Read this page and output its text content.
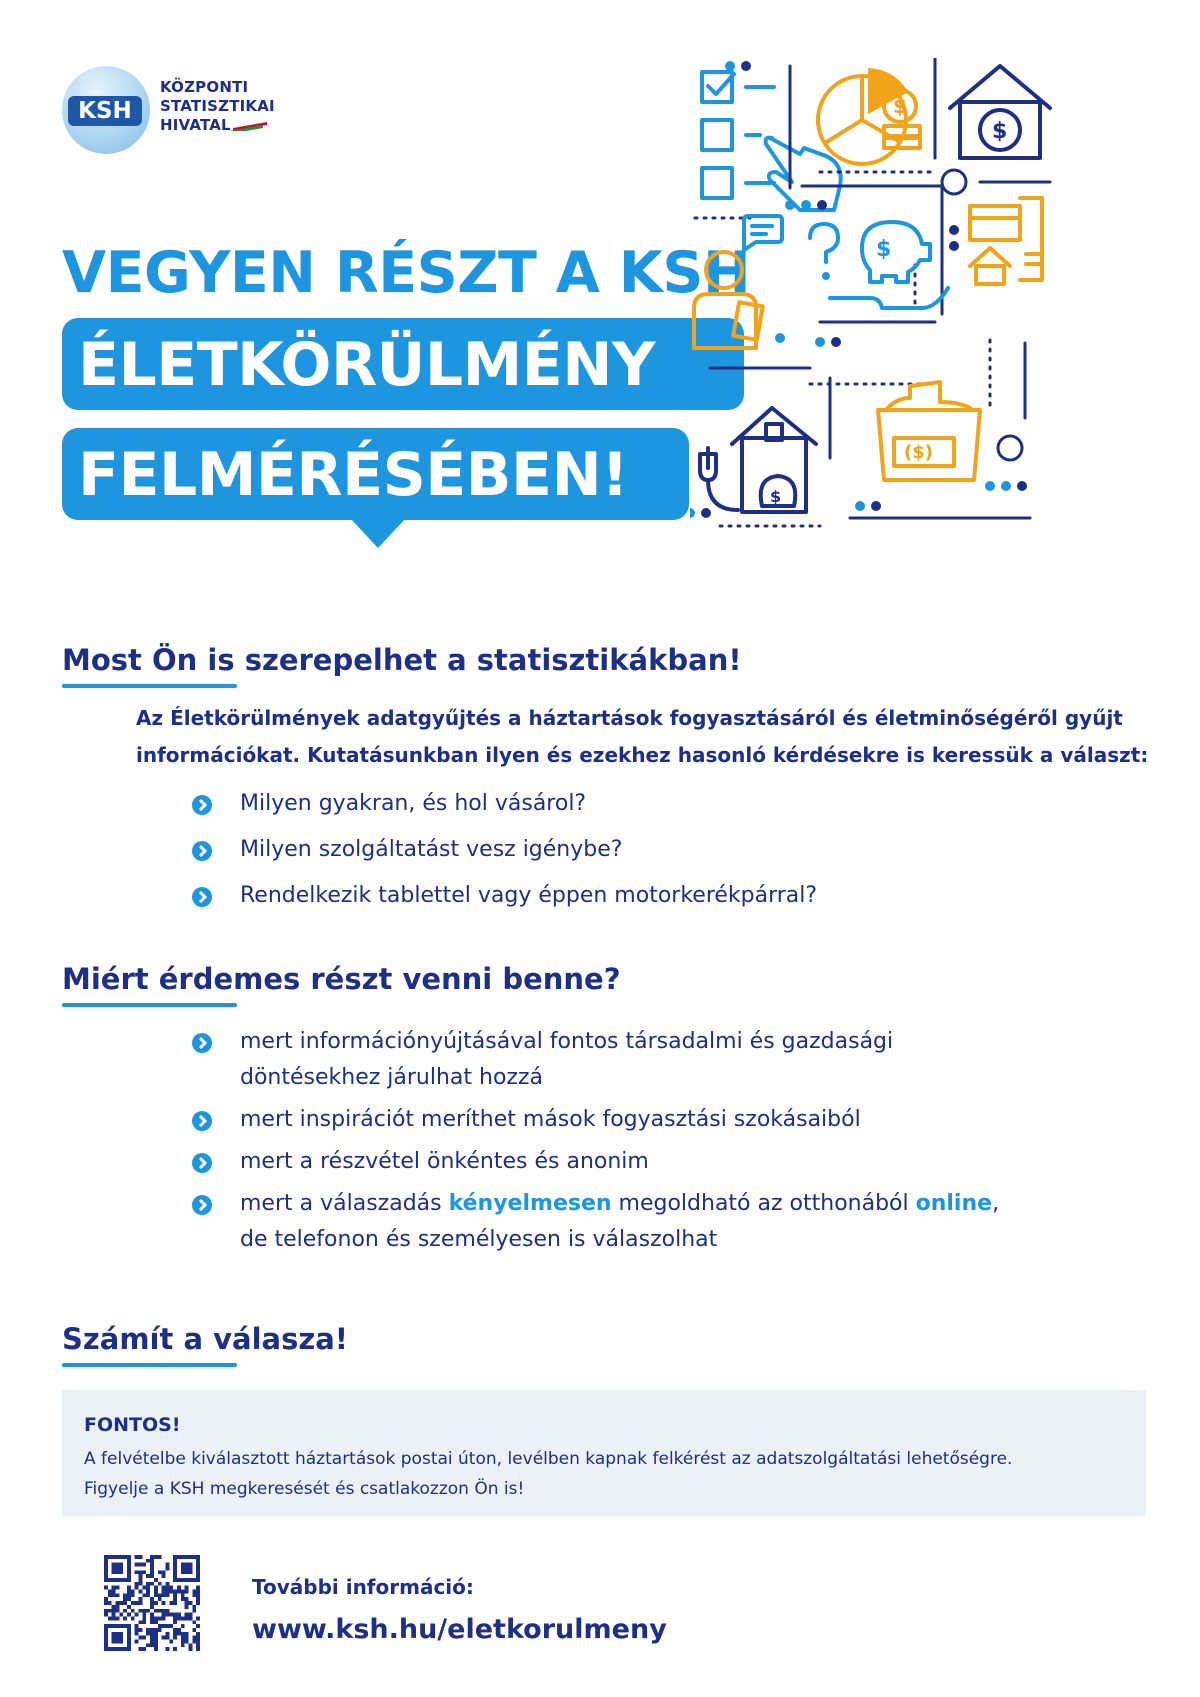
KSH
KÖZPONTI
STATISZTIKAI
HIVATAL
VEGYEN RÉSZT A KSH
ÉLETKÖRÜLMÉNY
FELMÉRÉSÉBEN!
$
$
$
($)
$
Most Ön is szerepelhet a statisztikákban!
Az Életkörülmények adatgyűjtés a háztartások fogyasztásáról és életminőségéről gyűjt információkat. Kutatásunkban ilyen és ezekhez hasonló kérdésekre is keressük a választ:
Milyen gyakran, és hol vásárol?
Milyen szolgáltatást vesz igénybe?
Rendelkezik tablettel vagy éppen motorkerékpárral?
Miért érdemes részt venni benne?
mert információnyújtásával fontos társadalmi és gazdasági döntésekhez járulhat hozzá
mert inspirációt meríthet mások fogyasztási szokásaiból
mert a részvétel önkéntes és anonim
mert a válaszadás kényelmesen megoldható az otthonából online,
de telefonon és személyesen is válaszolhat
Számít a válasza!
FONTOS!
A felvételbe kiválasztott háztartások postai úton, levélben kapnak felkérést az adatszolgáltatási lehetőségre.
Figyelje a KSH megkeresését és csatlakozzon Ön is!
További információ:
www.ksh.hu/eletkorulmeny
